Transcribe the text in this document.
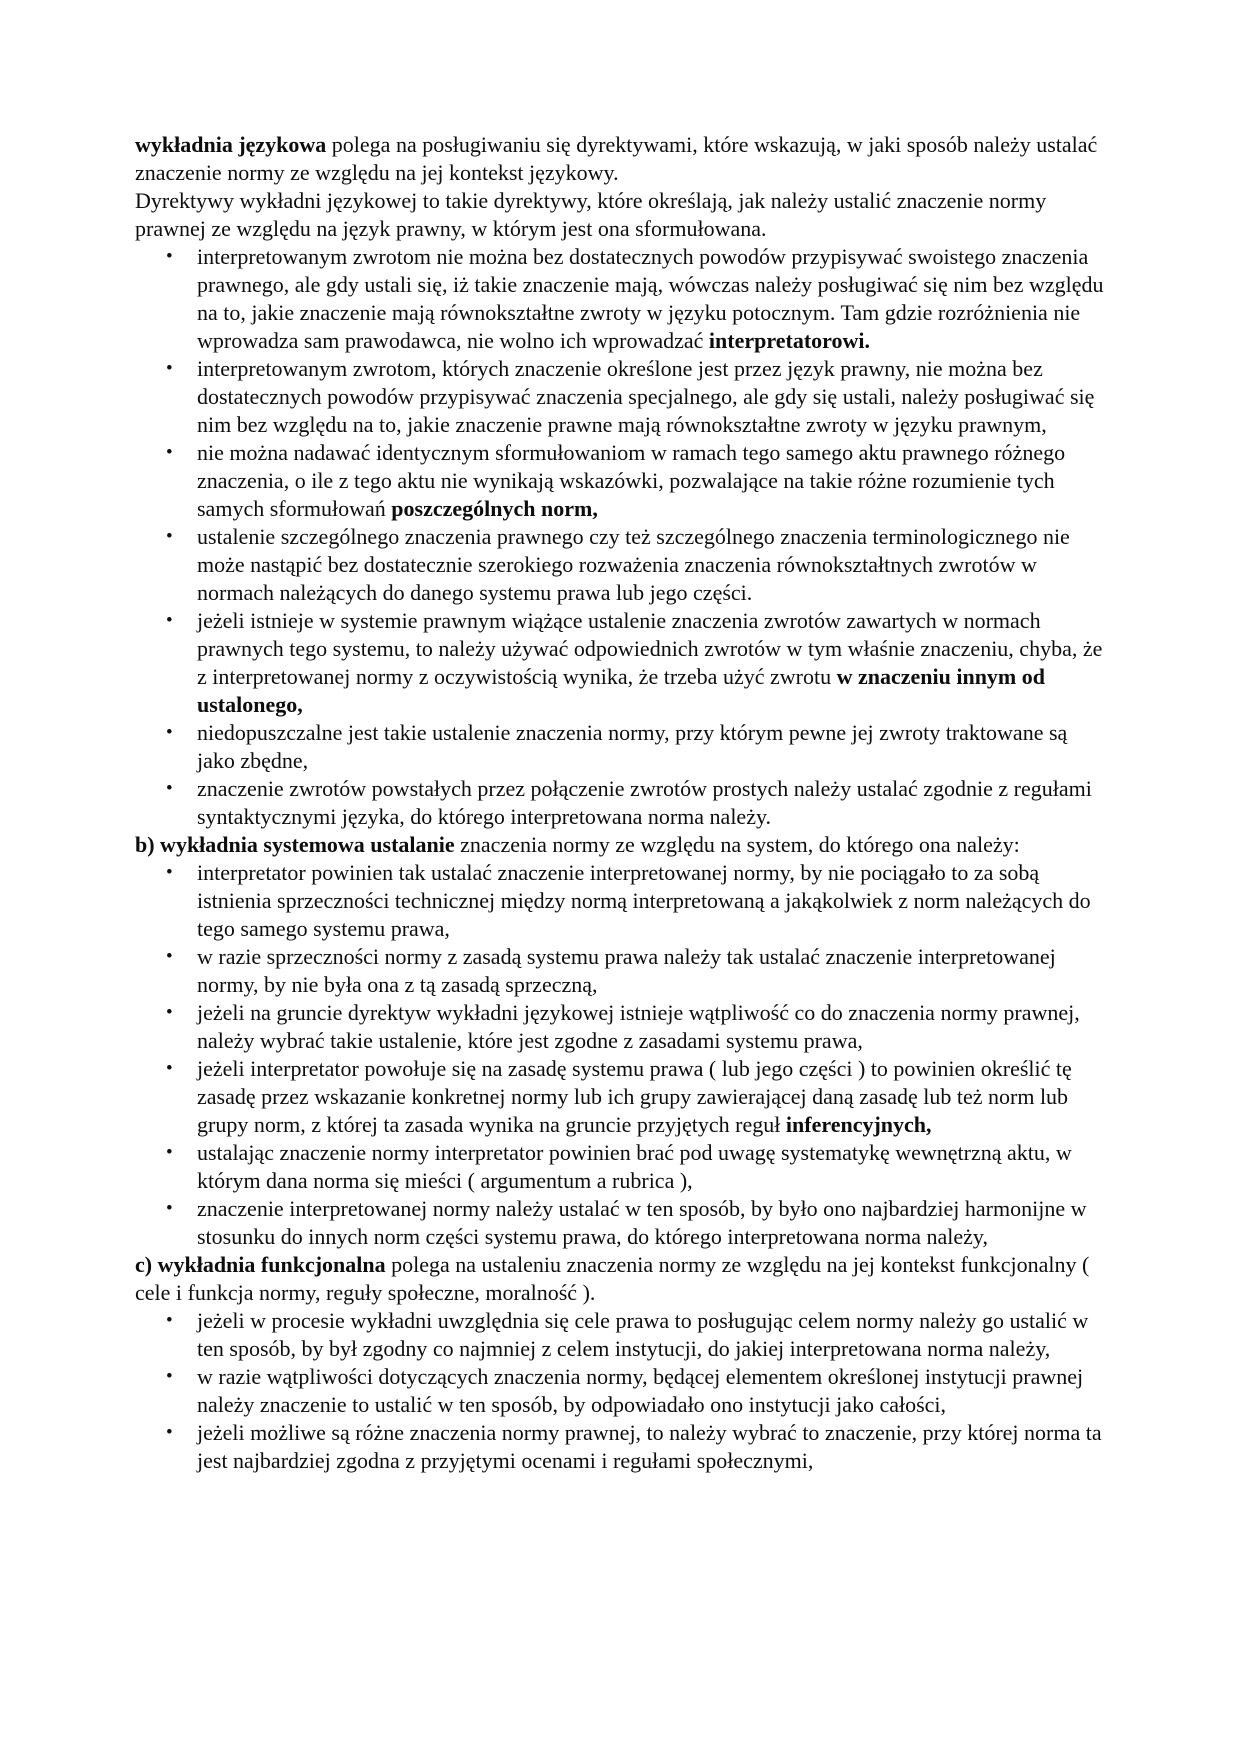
wykładnia językowa polega na posługiwaniu się dyrektywami, które wskazują, w jaki sposób należy ustalać znaczenie normy ze względu na jej kontekst językowy.

Dyrektywy wykładni językowej to takie dyrektywy, które określają, jak należy ustalić znaczenie normy prawnej ze względu na język prawny, w którym jest ona sformułowana.

•	interpretowanym zwrotom nie można bez dostatecznych powodów przypisywać swoistego znaczenia prawnego, ale gdy ustali się, iż takie znaczenie mają, wówczas należy posługiwać się nim bez względu na to, jakie znaczenie mają równokształtne zwroty w języku potocznym. Tam gdzie rozróżnienia nie wprowadza sam prawodawca, nie wolno ich wprowadzać interpretatorowi.
•	interpretowanym zwrotom, których znaczenie określone jest przez język prawny, nie można bez dostatecznych powodów przypisywać znaczenia specjalnego, ale gdy się ustali, należy posługiwać się nim bez względu na to, jakie znaczenie prawne mają równokształtne zwroty w języku prawnym,
•	nie można nadawać identycznym sformułowaniom w ramach tego samego aktu prawnego różnego znaczenia, o ile z tego aktu nie wynikają wskazówki, pozwalające na takie różne rozumienie tych samych sformułowań poszczególnych norm,
•	ustalenie szczególnego znaczenia prawnego czy też szczególnego znaczenia terminologicznego nie może nastąpić bez dostatecznie szerokiego rozważenia znaczenia równokształtnych zwrotów w normach należących do danego systemu prawa lub jego części.
•	jeżeli istnieje w systemie prawnym wiążące ustalenie znaczenia zwrotów zawartych w normach prawnych tego systemu, to należy używać odpowiednich zwrotów w tym właśnie znaczeniu, chyba, że z interpretowanej normy z oczywistością wynika, że trzeba użyć zwrotu w znaczeniu innym od ustalonego,
•	niedopuszczalne jest takie ustalenie znaczenia normy, przy którym pewne jej zwroty traktowane są jako zbędne,
•	znaczenie zwrotów powstałych przez połączenie zwrotów prostych należy ustalać zgodnie z regułami syntaktycznymi języka, do którego interpretowana norma należy.

b) wykładnia systemowa ustalanie znaczenia normy ze względu na system, do którego ona należy:

•	interpretator powinien tak ustalać znaczenie interpretowanej normy, by nie pociągało to za sobą istnienia sprzeczności technicznej między normą interpretowaną a jakąkolwiek z norm należących do tego samego systemu prawa,
•	w razie sprzeczności normy z zasadą systemu prawa należy tak ustalać znaczenie interpretowanej normy, by nie była ona z tą zasadą sprzeczną,
•	jeżeli na gruncie dyrektyw wykładni językowej istnieje wątpliwość co do znaczenia normy prawnej, należy wybrać takie ustalenie, które jest zgodne z zasadami systemu prawa,
•	jeżeli interpretator powołuje się na zasadę systemu prawa ( lub jego części ) to powinien określić tę zasadę przez wskazanie konkretnej normy lub ich grupy zawierającej daną zasadę lub też norm lub grupy norm, z której ta zasada wynika na gruncie przyjętych reguł inferencyjnych,
•	ustalając znaczenie normy interpretator powinien brać pod uwagę systematykę wewnętrzną aktu, w którym dana norma się mieści ( argumentum a rubrica ),
•	znaczenie interpretowanej normy należy ustalać w ten sposób, by było ono najbardziej harmonijne w stosunku do innych norm części systemu prawa, do którego interpretowana norma należy,

c) wykładnia funkcjonalna polega na ustaleniu znaczenia normy ze względu na jej kontekst funkcjonalny ( cele i funkcja normy, reguły społeczne, moralność ).

•	jeżeli w procesie wykładni uwzględnia się cele prawa to posługując celem normy należy go ustalić w ten sposób, by był zgodny co najmniej z celem instytucji, do jakiej interpretowana norma należy,
•	w razie wątpliwości dotyczących znaczenia normy, będącej elementem określonej instytucji prawnej należy znaczenie to ustalić w ten sposób, by odpowiadało ono instytucji jako całości,
•	jeżeli możliwe są różne znaczenia normy prawnej, to należy wybrać to znaczenie, przy której norma ta jest najbardziej zgodna z przyjętymi ocenami i regułami społecznymi,
